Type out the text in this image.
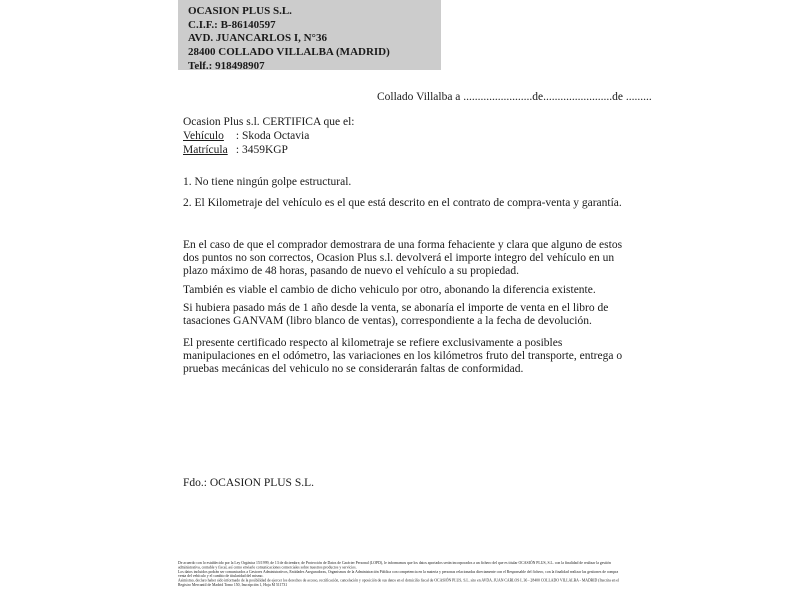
OCASION PLUS S.L.
C.I.F.: B-86140597
AVD. JUANCARLOS I, N°36
28400 COLLADO VILLALBA (MADRID)
Telf.: 918498907
Collado Villalba a ........................de........................de .........
Ocasion Plus s.l. CERTIFICA que el:
Vehículo : Skoda Octavia
Matrícula : 3459KGP

1. No tiene ningún golpe estructural.

2. El Kilometraje del vehículo es el que está descrito en el contrato de compra-venta y garantía.

En el caso de que el comprador demostrara de una forma fehaciente y clara que alguno de estos dos puntos no son correctos, Ocasion Plus s.l. devolverá el importe integro del vehículo en un plazo máximo de 48 horas, pasando de nuevo el vehículo a su propiedad.
También es viable el cambio de dicho vehiculo por otro, abonando la diferencia existente.
Si hubiera pasado más de 1 año desde la venta, se abonaría el importe de venta en el libro de tasaciones GANVAM (libro blanco de ventas), correspondiente a la fecha de devolución.
El presente certificado respecto al kilometraje se refiere exclusivamente a posibles manipulaciones en el odómetro, las variaciones en los kilómetros fruto del transporte, entrega o pruebas mecánicas del vehiculo no se considerarán faltas de conformidad.
Fdo.: OCASION PLUS S.L.

De acuerdo con lo establecido por la Ley Orgánica 15/1999, de 13 de diciembre, de Protección de Datos de Carácter Personal (LOPD), le informamos que los datos aportados serán incorporados a un fichero del que es titular OCASIÓN PLUS, S.L. con la finalidad de realizar la gestión administrativa, contable y fiscal, así como enviarle comunicaciones comerciales sobre nuestros productos y servicios.

Los datos incluidos podrán ser comunicados a Gestores Administrativos, Entidades Aseguradoras, Organismos de la Administración Pública con competencia en la materia y personas relacionadas directamente con el Responsable del fichero, con la finalidad realizar las gestiones de compra venta del vehículo y el cambio de titularidad del mismo.

Asimismo, declaro haber sido informado de la posibilidad de ejercer los derechos de acceso, rectificación, cancelación y oposición de sus datos en el domicilio fiscal de OCASIÓN PLUS, S.L. sito en AVDA. JUAN CARLOS I, 36 - 28400 COLLADO VILLALBA - MADRID (Inscrita en el Registro Mercantil de Madrid Tomo 150, Inscripción 1, Hoja M 511731
